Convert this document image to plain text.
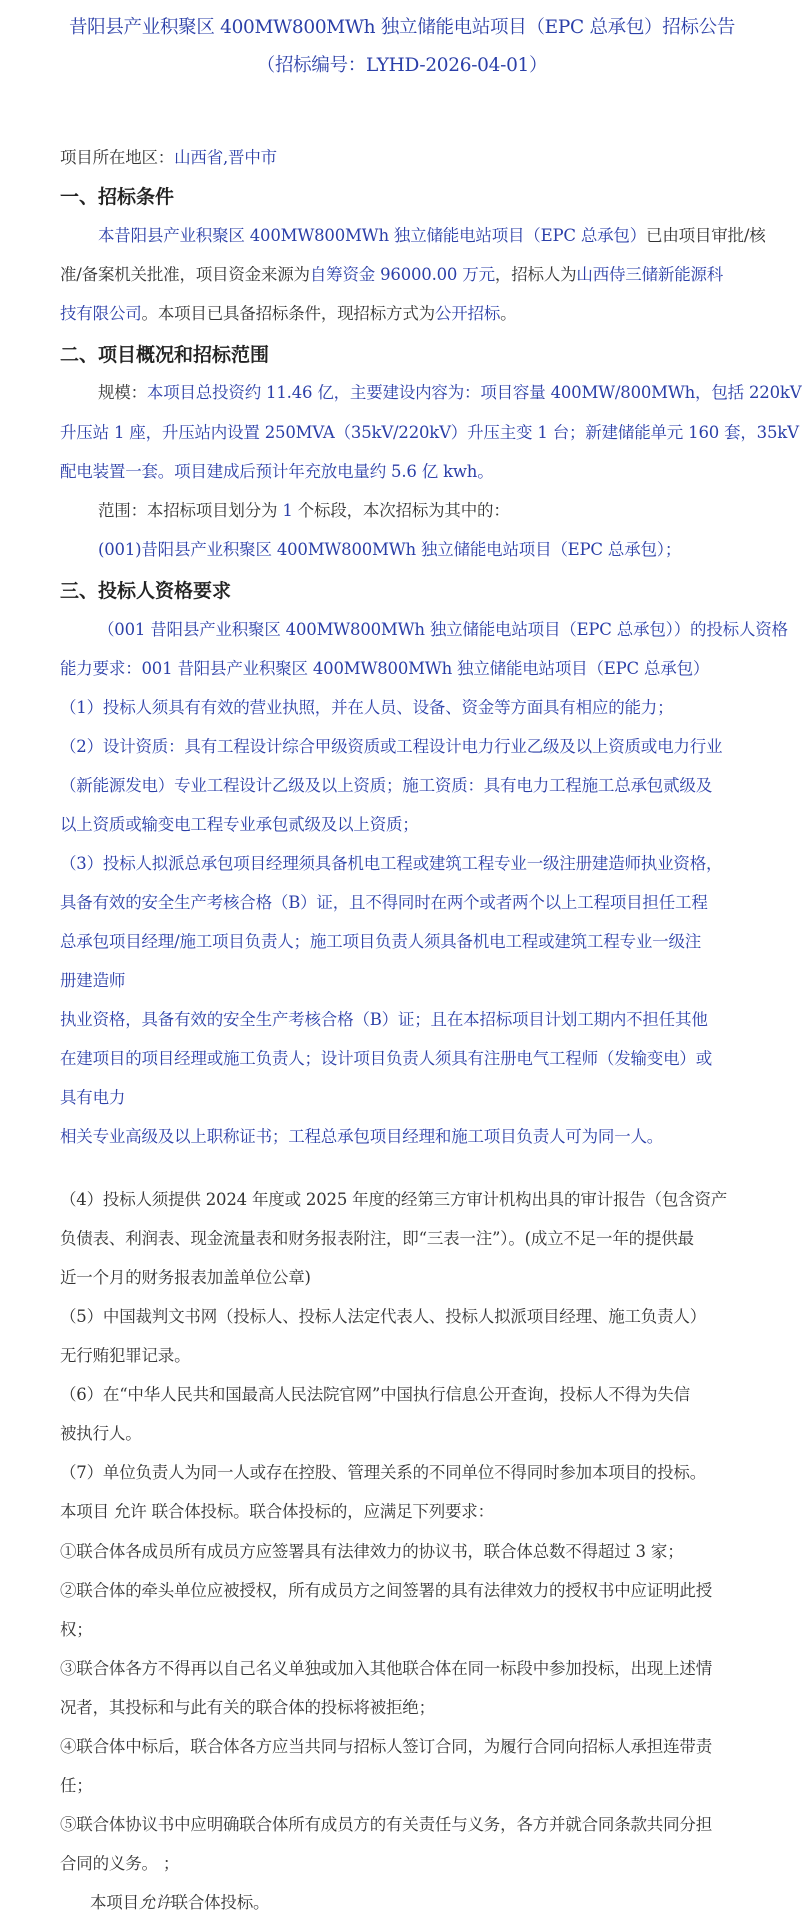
昔阳县产业积聚区 400MW800MWh 独立储能电站项目（EPC 总承包）招标公告
（招标编号：LYHD-2026-04-01）
项目所在地区：山西省,晋中市
一、招标条件
本昔阳县产业积聚区 400MW800MWh 独立储能电站项目（EPC 总承包）已由项目审批/核
准/备案机关批准，项目资金来源为自筹资金 96000.00 万元，招标人为山西侍三储新能源科
技有限公司。本项目已具备招标条件，现招标方式为公开招标。
二、项目概况和招标范围
规模：本项目总投资约 11.46 亿，主要建设内容为：项目容量 400MW/800MWh，包括 220kV
升压站 1 座，升压站内设置 250MVA（35kV/220kV）升压主变 1 台；新建储能单元 160 套，35kV
配电装置一套。项目建成后预计年充放电量约 5.6 亿 kwh。
范围：本招标项目划分为 1 个标段，本次招标为其中的：
(001)昔阳县产业积聚区 400MW800MWh 独立储能电站项目（EPC 总承包）；
三、投标人资格要求
（001 昔阳县产业积聚区 400MW800MWh 独立储能电站项目（EPC 总承包））的投标人资格
能力要求：001 昔阳县产业积聚区 400MW800MWh 独立储能电站项目（EPC 总承包）
（1）投标人须具有有效的营业执照，并在人员、设备、资金等方面具有相应的能力；
（2）设计资质：具有工程设计综合甲级资质或工程设计电力行业乙级及以上资质或电力行业
（新能源发电）专业工程设计乙级及以上资质；施工资质：具有电力工程施工总承包贰级及
以上资质或输变电工程专业承包贰级及以上资质；
（3）投标人拟派总承包项目经理须具备机电工程或建筑工程专业一级注册建造师执业资格，
具备有效的安全生产考核合格（B）证，且不得同时在两个或者两个以上工程项目担任工程
总承包项目经理/施工项目负责人；施工项目负责人须具备机电工程或建筑工程专业一级注
册建造师
执业资格，具备有效的安全生产考核合格（B）证；且在本招标项目计划工期内不担任其他
在建项目的项目经理或施工负责人；设计项目负责人须具有注册电气工程师（发输变电）或
具有电力
相关专业高级及以上职称证书；工程总承包项目经理和施工项目负责人可为同一人。
（4）投标人须提供 2024 年度或 2025 年度的经第三方审计机构出具的审计报告（包含资产
负债表、利润表、现金流量表和财务报表附注，即“三表一注”）。(成立不足一年的提供最
近一个月的财务报表加盖单位公章)
（5）中国裁判文书网（投标人、投标人法定代表人、投标人拟派项目经理、施工负责人）
无行贿犯罪记录。
（6）在“中华人民共和国最高人民法院官网”中国执行信息公开查询，投标人不得为失信
被执行人。
（7）单位负责人为同一人或存在控股、管理关系的不同单位不得同时参加本项目的投标。
本项目 允许 联合体投标。联合体投标的，应满足下列要求：
①联合体各成员所有成员方应签署具有法律效力的协议书，联合体总数不得超过 3 家；
②联合体的牵头单位应被授权，所有成员方之间签署的具有法律效力的授权书中应证明此授
权；
③联合体各方不得再以自己名义单独或加入其他联合体在同一标段中参加投标，出现上述情
况者，其投标和与此有关的联合体的投标将被拒绝；
④联合体中标后，联合体各方应当共同与招标人签订合同，为履行合同向招标人承担连带责
任；
⑤联合体协议书中应明确联合体所有成员方的有关责任与义务，各方并就合同条款共同分担
合同的义务。 ；
本项目允许联合体投标。
